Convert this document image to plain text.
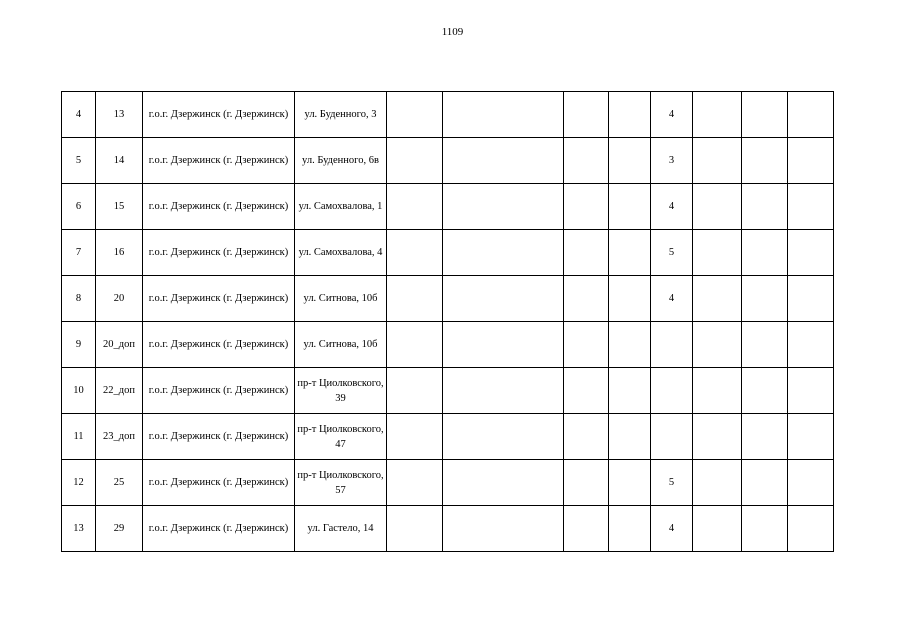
1109
4	13	г.о.г. Дзержинск (г. Дзержинск)	ул. Буденного, 3					4			
5	14	г.о.г. Дзержинск (г. Дзержинск)	ул. Буденного, 6в					3			
6	15	г.о.г. Дзержинск (г. Дзержинск)	ул. Самохвалова, 1					4			
7	16	г.о.г. Дзержинск (г. Дзержинск)	ул. Самохвалова, 4					5			
8	20	г.о.г. Дзержинск (г. Дзержинск)	ул. Ситнова, 10б					4			
9	20_доп	г.о.г. Дзержинск (г. Дзержинск)	ул. Ситнова, 10б								
10	22_доп	г.о.г. Дзержинск (г. Дзержинск)	пр-т Циолковского, 39								
11	23_доп	г.о.г. Дзержинск (г. Дзержинск)	пр-т Циолковского, 47								
12	25	г.о.г. Дзержинск (г. Дзержинск)	пр-т Циолковского, 57					5			
13	29	г.о.г. Дзержинск (г. Дзержинск)	ул. Гастело, 14					4			
